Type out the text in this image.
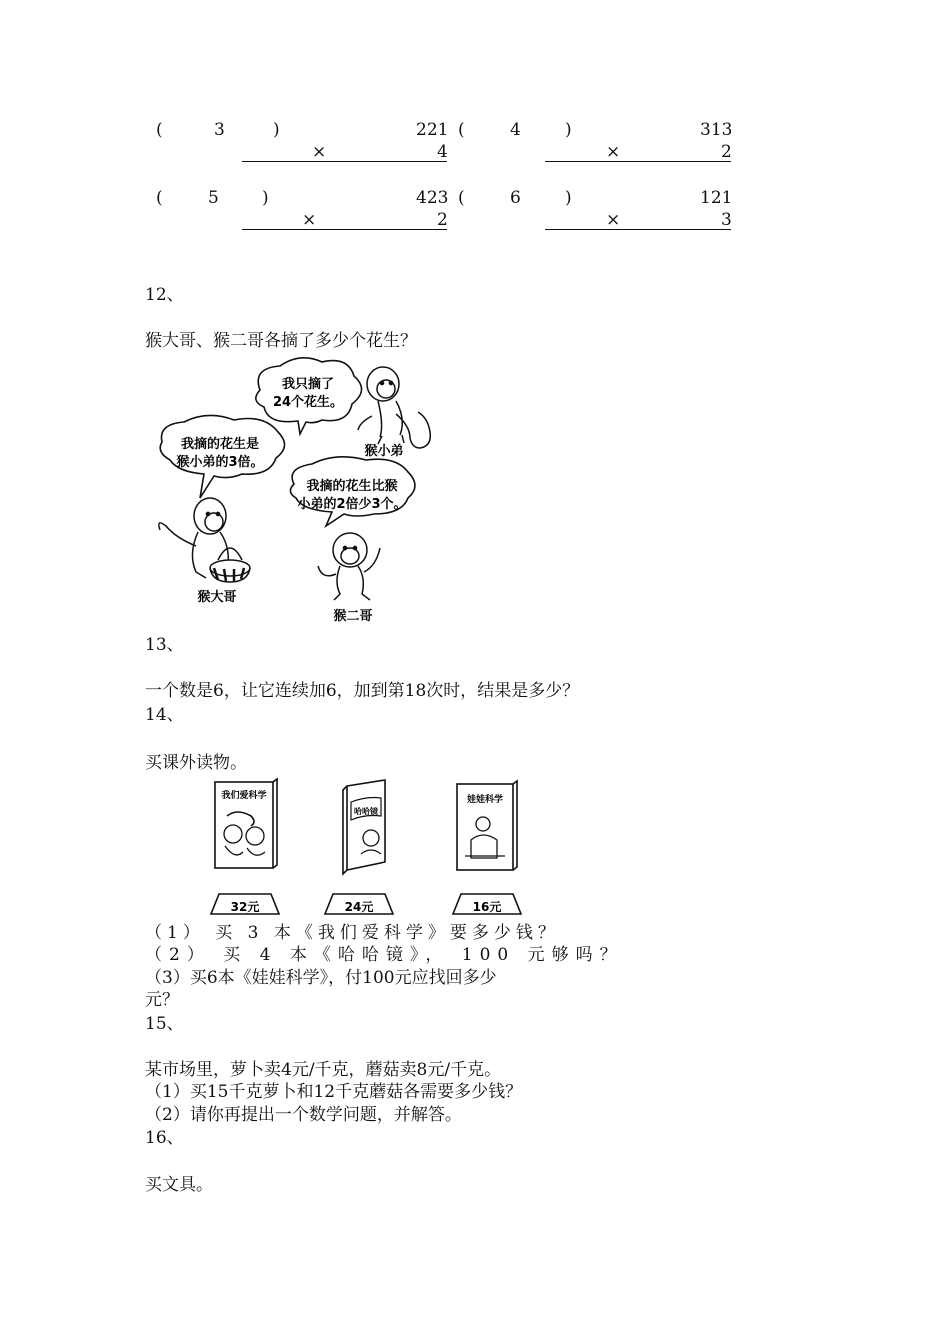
(	3	)	221
×	4
(	4	)	313
×	2
(	5	)	423
×	2
(	6	)	121
×	3
12、
猴大哥、猴二哥各摘了多少个花生？
我只摘了
24个花生。
猴小弟
我摘的花生是
猴小弟的3倍。
猴大哥
我摘的花生比猴
小弟的2倍少3个。
猴二哥
13、
一个数是6，让它连续加6，加到第18次时，结果是多少？
14、
买课外读物。
我们爱科学
32元
哈哈镜
24元
娃娃科学
16元
（1） 买 3 本《我们爱科学》要多少钱？
（2） 买 4 本《哈哈镜》， 100 元够吗？
（3）买6本《娃娃科学》，付100元应找回多少
元？
15、
某市场里，萝卜卖4元/千克，蘑菇卖8元/千克。
（1）买15千克萝卜和12千克蘑菇各需要多少钱？
（2）请你再提出一个数学问题，并解答。
16、
买文具。
